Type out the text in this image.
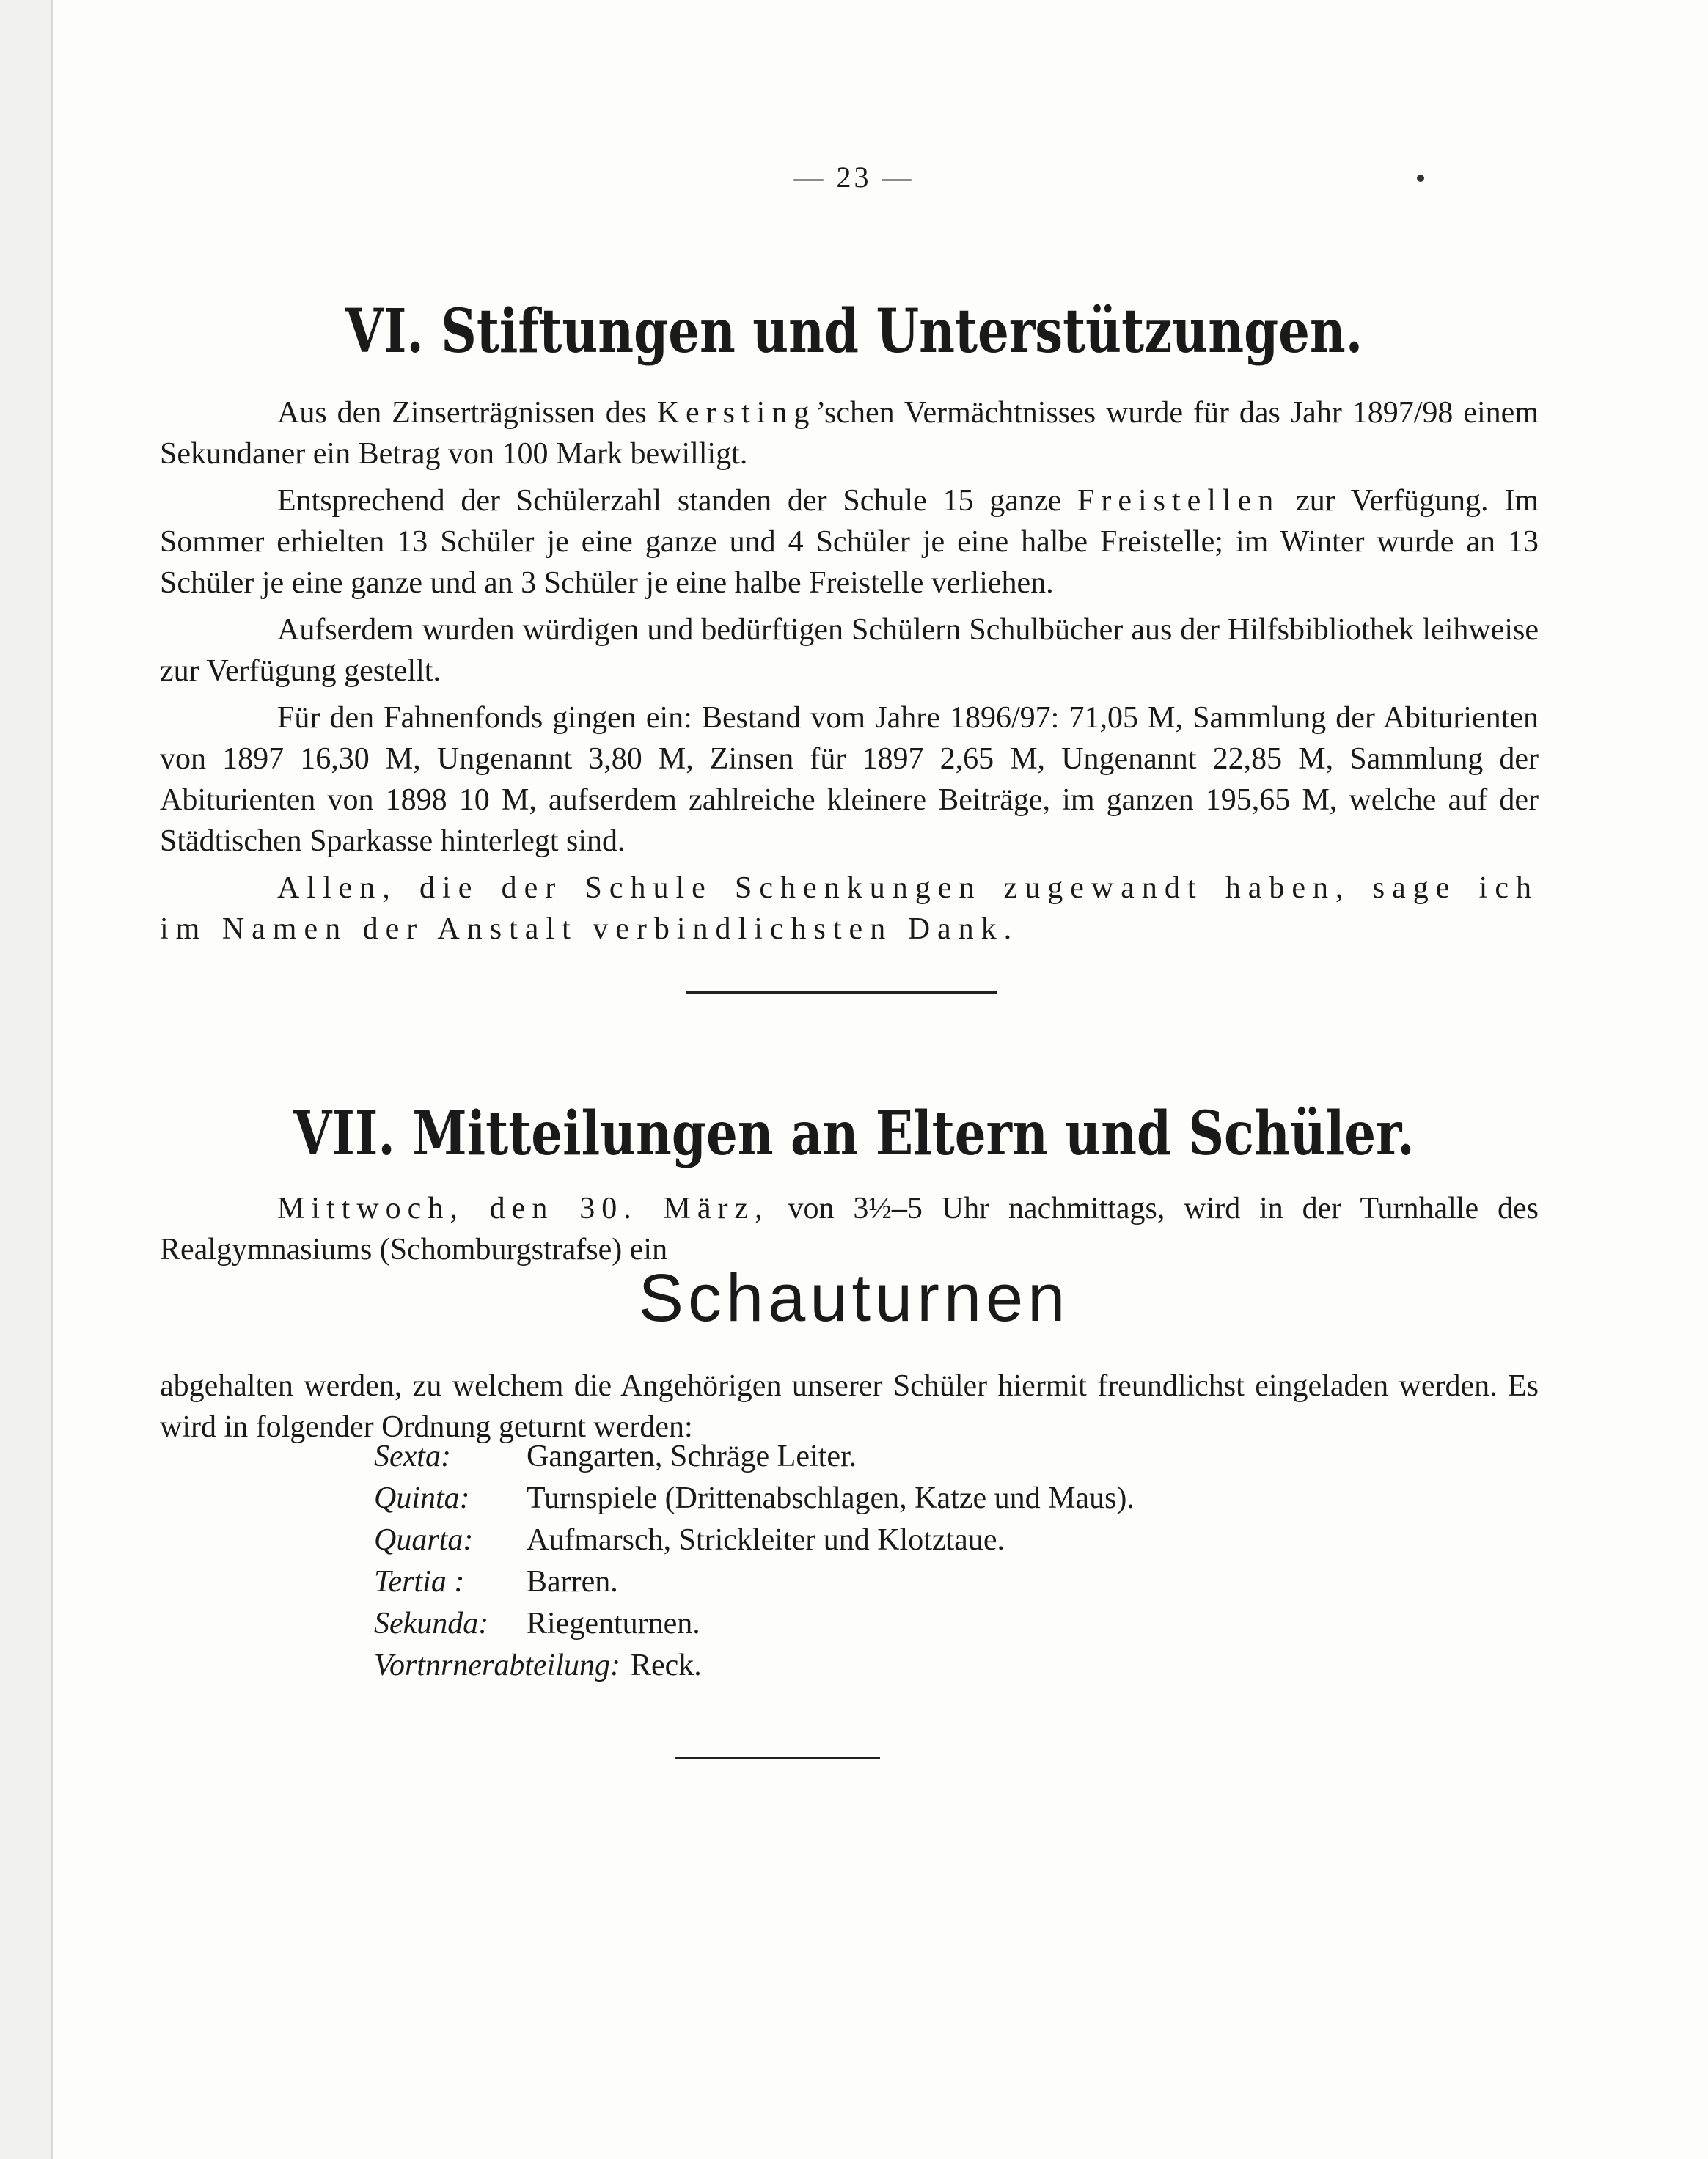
— 23 —
VI. Stiftungen und Unterstützungen.

Aus den Zinserträgnissen des Kersting’schen Vermächtnisses wurde für das Jahr 1897/98 einem Sekundaner ein Betrag von 100 Mark bewilligt.

Entsprechend der Schülerzahl standen der Schule 15 ganze Freistellen zur Verfügung. Im Sommer erhielten 13 Schüler je eine ganze und 4 Schüler je eine halbe Freistelle; im Winter wurde an 13 Schüler je eine ganze und an 3 Schüler je eine halbe Freistelle verliehen.

Aufserdem wurden würdigen und bedürftigen Schülern Schulbücher aus der Hilfsbibliothek leihweise zur Verfügung gestellt.

Für den Fahnenfonds gingen ein: Bestand vom Jahre 1896/97: 71,05 M, Sammlung der Abiturienten von 1897 16,30 M, Ungenannt 3,80 M, Zinsen für 1897 2,65 M, Ungenannt 22,85 M, Sammlung der Abiturienten von 1898 10 M, aufserdem zahlreiche kleinere Beiträge, im ganzen 195,65 M, welche auf der Städtischen Sparkasse hinterlegt sind.

Allen, die der Schule Schenkungen zugewandt haben, sage ich im Namen der Anstalt verbindlichsten Dank.

VII. Mitteilungen an Eltern und Schüler.

Mittwoch, den 30. März, von 3½–5 Uhr nachmittags, wird in der Turnhalle des Realgymnasiums (Schomburgstrafse) ein

Schauturnen

abgehalten werden, zu welchem die Angehörigen unserer Schüler hiermit freundlichst eingeladen werden. Es wird in folgender Ordnung geturnt werden:

Sexta:	Gangarten, Schräge Leiter.
Quinta:	Turnspiele (Drittenabschlagen, Katze und Maus).
Quarta:	Aufmarsch, Strickleiter und Klotztaue.
Tertia :	Barren.
Sekunda:	Riegenturnen.
Vortnrnerabteilung: Reck.
